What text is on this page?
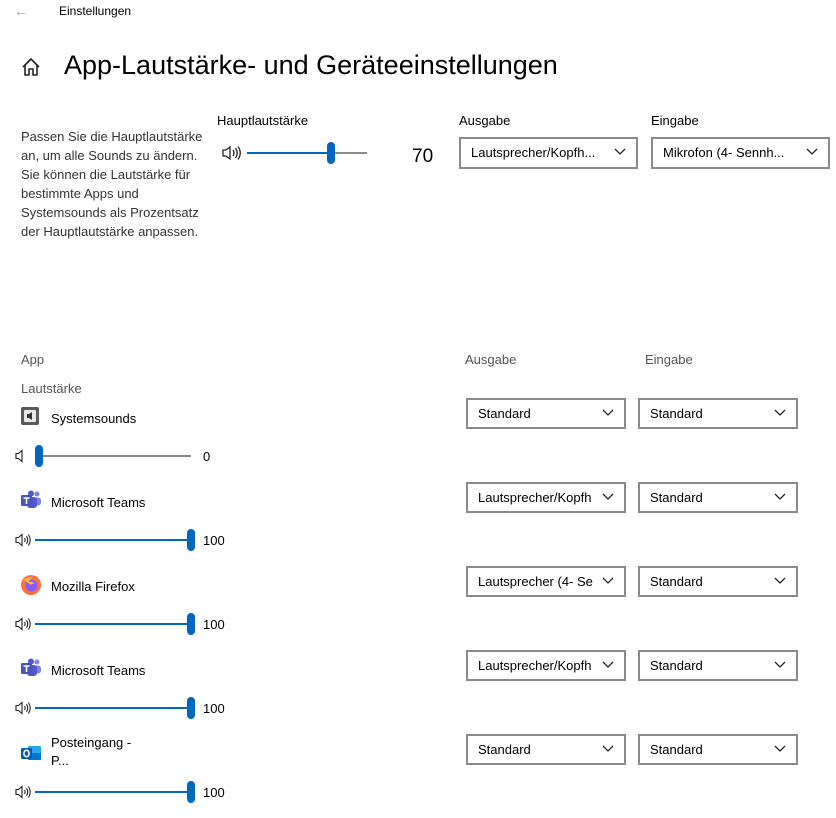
←	Einstellungen
App-Lautstärke- und Geräteeinstellungen
Passen Sie die Hauptlautstärke an, um alle Sounds zu ändern. Sie können die Lautstärke für bestimmte Apps und Systemsounds als Prozentsatz der Hauptlautstärke anpassen.
Hauptlautstärke
70
Ausgabe
Lautsprecher/Kopfh...
Eingabe
Mikrofon (4- Sennh...
App
Lautstärke
Ausgabe	Eingabe
Systemsounds
0
Standard	Standard
Microsoft Teams
100
Lautsprecher/Kopfh	Standard
Mozilla Firefox
100
Lautsprecher (4- Se	Standard
Microsoft Teams
100
Lautsprecher/Kopfh	Standard
Posteingang -
P...
100
Standard	Standard
